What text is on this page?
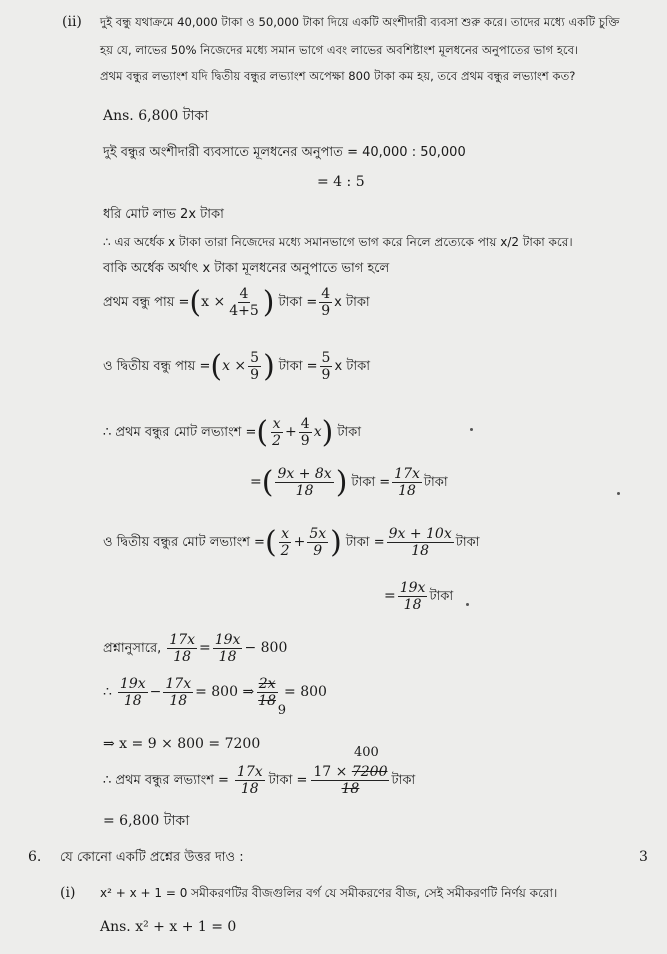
(ii) দুই বন্ধু যথাক্রমে 40,000 টাকা ও 50,000 টাকা দিয়ে একটি অংশীদারী ব্যবসা শুরু করে। তাদের মধ্যে একটি চুক্তি
হয় যে, লাভের 50% নিজেদের মধ্যে সমান ভাগে এবং লাভের অবশিষ্টাংশ মূলধনের অনুপাতের ভাগ হবে।
প্রথম বন্ধুর লভ্যাংশ যদি দ্বিতীয় বন্ধুর লভ্যাংশ অপেক্ষা 800 টাকা কম হয়, তবে প্রথম বন্ধুর লভ্যাংশ কত?
Ans. 6,800 টাকা
দুই বন্ধুর অংশীদারী ব্যবসাতে মূলধনের অনুপাত = 40,000 : 50,000
= 4 : 5
ধরি মোট লাভ 2x টাকা
∴ এর অর্ধেক x টাকা তারা নিজেদের মধ্যে সমানভাগে ভাগ করে নিলে প্রত্যেকে পায় x/2 টাকা করে।
বাকি অর্ধেক অর্থাৎ x টাকা মূলধনের অনুপাতে ভাগ হলে
প্রথম বন্ধু পায় = ( $x \times \frac{4}{4+5}$ ) টাকা = $\frac{4}{9}$ x টাকা
ও দ্বিতীয় বন্ধু পায় = ( $x \times \frac{5}{9}$ ) টাকা = $\frac{5}{9}$ x টাকা
∴ প্রথম বন্ধুর মোট লভ্যাংশ = ( $\frac{x}{2} + \frac{4}{9}$ x ) টাকা
= ( $\frac{9x + 8x}{18}$ ) টাকা = $\frac{17x}{18}$ টাকা
ও দ্বিতীয় বন্ধুর মোট লভ্যাংশ = ( $\frac{x}{2} + \frac{5x}{9}$ ) টাকা = $\frac{9x + 10x}{18}$ টাকা
= $\frac{19x}{18}$ টাকা
প্রশ্নানুসারে, $\frac{17x}{18} = \frac{19x}{18} - 800$
∴ $\frac{19x}{18} - \frac{17x}{18} = 800$ ⇒ 2x
18
9
= 800
⇒ x = 9 × 800 = 7200
400
∴ প্রথম বন্ধুর লভ্যাংশ = $\frac{17x}{18}$ টাকা = $\frac{17 \times 7200}{18}$ টাকা
= 6,800 টাকা
6. যে কোনো একটি প্রশ্নের উত্তর দাও :	3
(i) x² + x + 1 = 0 সমীকরণটির বীজগুলির বর্গ যে সমীকরণের বীজ, সেই সমীকরণটি নির্ণয় করো।
Ans. x² + x + 1 = 0
